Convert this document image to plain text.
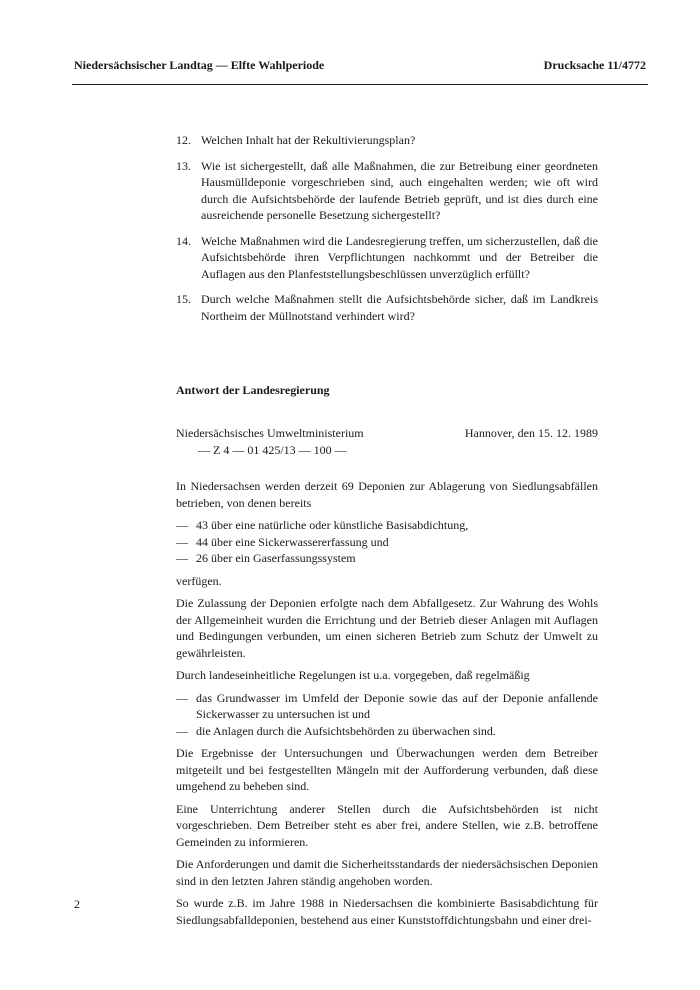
Niedersächsischer Landtag — Elfte Wahlperiode	Drucksache 11/4772
12. Welchen Inhalt hat der Rekultivierungsplan?
13. Wie ist sichergestellt, daß alle Maßnahmen, die zur Betreibung einer geordneten Hausmülldeponie vorgeschrieben sind, auch eingehalten werden; wie oft wird durch die Aufsichtsbehörde der laufende Betrieb geprüft, und ist dies durch eine ausreichende personelle Besetzung sichergestellt?
14. Welche Maßnahmen wird die Landesregierung treffen, um sicherzustellen, daß die Aufsichtsbehörde ihren Verpflichtungen nachkommt und der Betreiber die Auflagen aus den Planfeststellungsbeschlüssen unverzüglich erfüllt?
15. Durch welche Maßnahmen stellt die Aufsichtsbehörde sicher, daß im Landkreis Northeim der Müllnotstand verhindert wird?
Antwort der Landesregierung
Niedersächsisches Umweltministerium
— Z 4 — 01 425/13 — 100 —
Hannover, den 15. 12. 1989

In Niedersachsen werden derzeit 69 Deponien zur Ablagerung von Siedlungsabfällen betrieben, von denen bereits

— 43 über eine natürliche oder künstliche Basisabdichtung,
— 44 über eine Sickerwassererfassung und
— 26 über ein Gaserfassungssystem

verfügen.

Die Zulassung der Deponien erfolgte nach dem Abfallgesetz. Zur Wahrung des Wohls der Allgemeinheit wurden die Errichtung und der Betrieb dieser Anlagen mit Auflagen und Bedingungen verbunden, um einen sicheren Betrieb zum Schutz der Umwelt zu gewährleisten.

Durch landeseinheitliche Regelungen ist u.a. vorgegeben, daß regelmäßig

— das Grundwasser im Umfeld der Deponie sowie das auf der Deponie anfallende Sickerwasser zu untersuchen ist und
— die Anlagen durch die Aufsichtsbehörden zu überwachen sind.

Die Ergebnisse der Untersuchungen und Überwachungen werden dem Betreiber mitgeteilt und bei festgestellten Mängeln mit der Aufforderung verbunden, daß diese umgehend zu beheben sind.

Eine Unterrichtung anderer Stellen durch die Aufsichtsbehörden ist nicht vorgeschrieben. Dem Betreiber steht es aber frei, andere Stellen, wie z.B. betroffene Gemeinden zu informieren.

Die Anforderungen und damit die Sicherheitsstandards der niedersächsischen Deponien sind in den letzten Jahren ständig angehoben worden.

So wurde z.B. im Jahre 1988 in Niedersachsen die kombinierte Basisabdichtung für Siedlungsabfalldeponien, bestehend aus einer Kunststoffdichtungsbahn und einer drei-

2
